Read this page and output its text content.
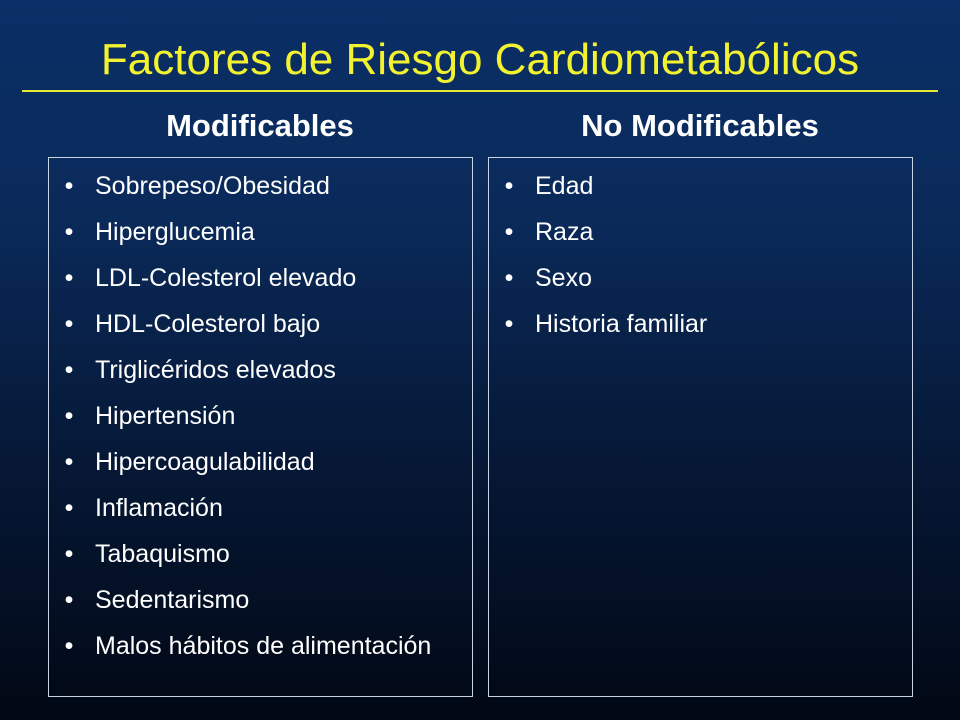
Factores de Riesgo Cardiometabólicos
Modificables	No Modificables
• Sobrepeso/Obesidad
• Hiperglucemia
• LDL-Colesterol elevado
• HDL-Colesterol bajo
• Triglicéridos elevados
• Hipertensión
• Hipercoagulabilidad
• Inflamación
• Tabaquismo
• Sedentarismo
• Malos hábitos de alimentación
• Edad
• Raza
• Sexo
• Historia familiar
